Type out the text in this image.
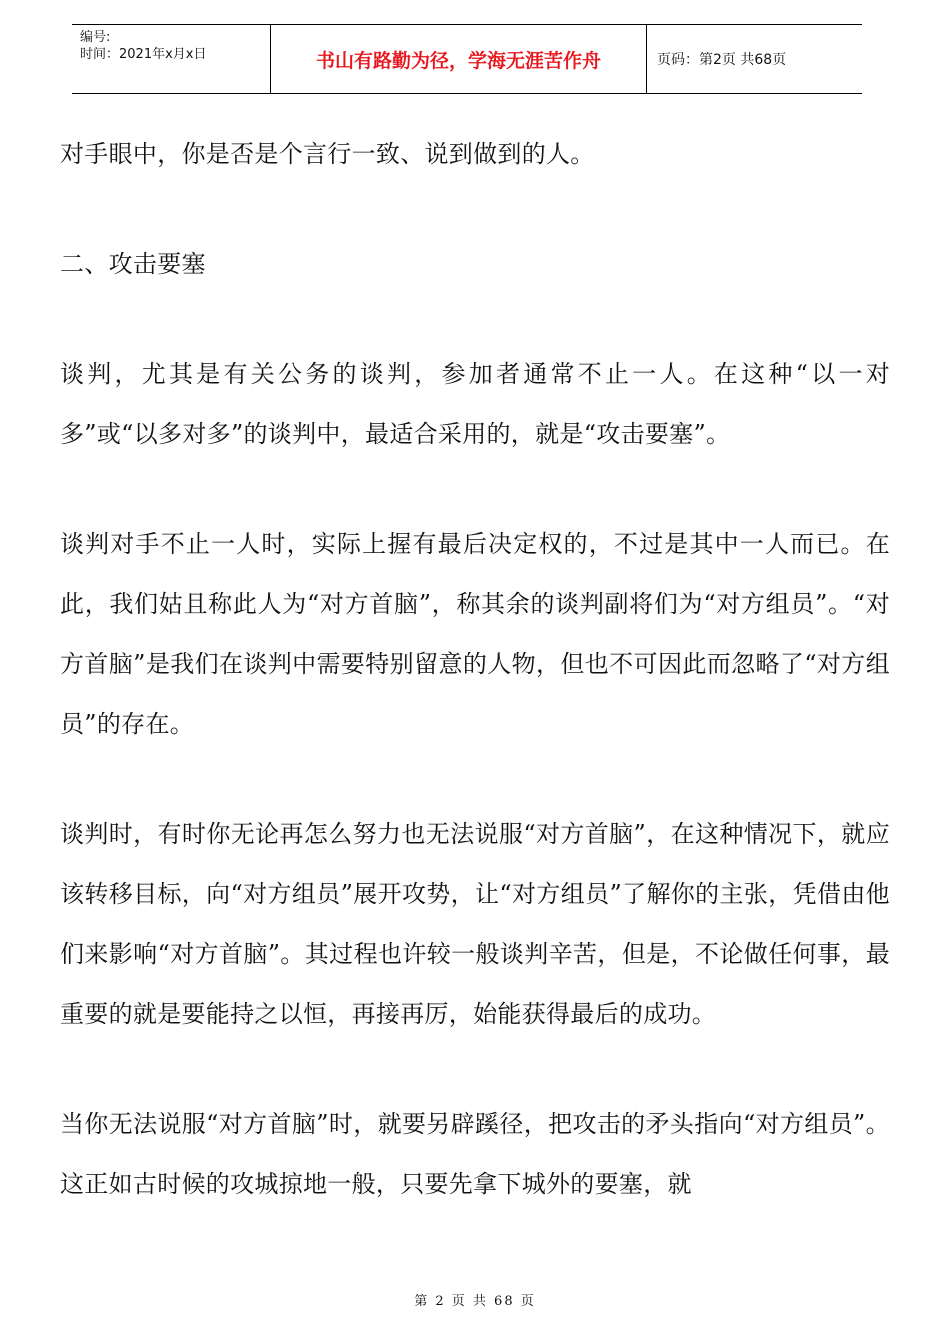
编号:
时间：2021年x月x日	书山有路勤为径，学海无涯苦作舟	页码：第2页 共68页

对手眼中，你是否是个言行一致、说到做到的人。

二、攻击要塞

谈判，尤其是有关公务的谈判，参加者通常不止一人。在这种“以一对多”或“以多对多”的谈判中，最适合采用的，就是“攻击要塞”。

谈判对手不止一人时，实际上握有最后决定权的，不过是其中一人而已。在此，我们姑且称此人为“对方首脑”，称其余的谈判副将们为“对方组员”。“对方首脑”是我们在谈判中需要特别留意的人物，但也不可因此而忽略了“对方组员”的存在。

谈判时，有时你无论再怎么努力也无法说服“对方首脑”，在这种情况下，就应该转移目标，向“对方组员”展开攻势，让“对方组员”了解你的主张，凭借由他们来影响“对方首脑”。其过程也许较一般谈判辛苦，但是，不论做任何事，最重要的就是要能持之以恒，再接再厉，始能获得最后的成功。

当你无法说服“对方首脑”时，就要另辟蹊径，把攻击的矛头指向“对方组员”。这正如古时候的攻城掠地一般，只要先拿下城外的要塞，就

第 2 页 共 68 页
